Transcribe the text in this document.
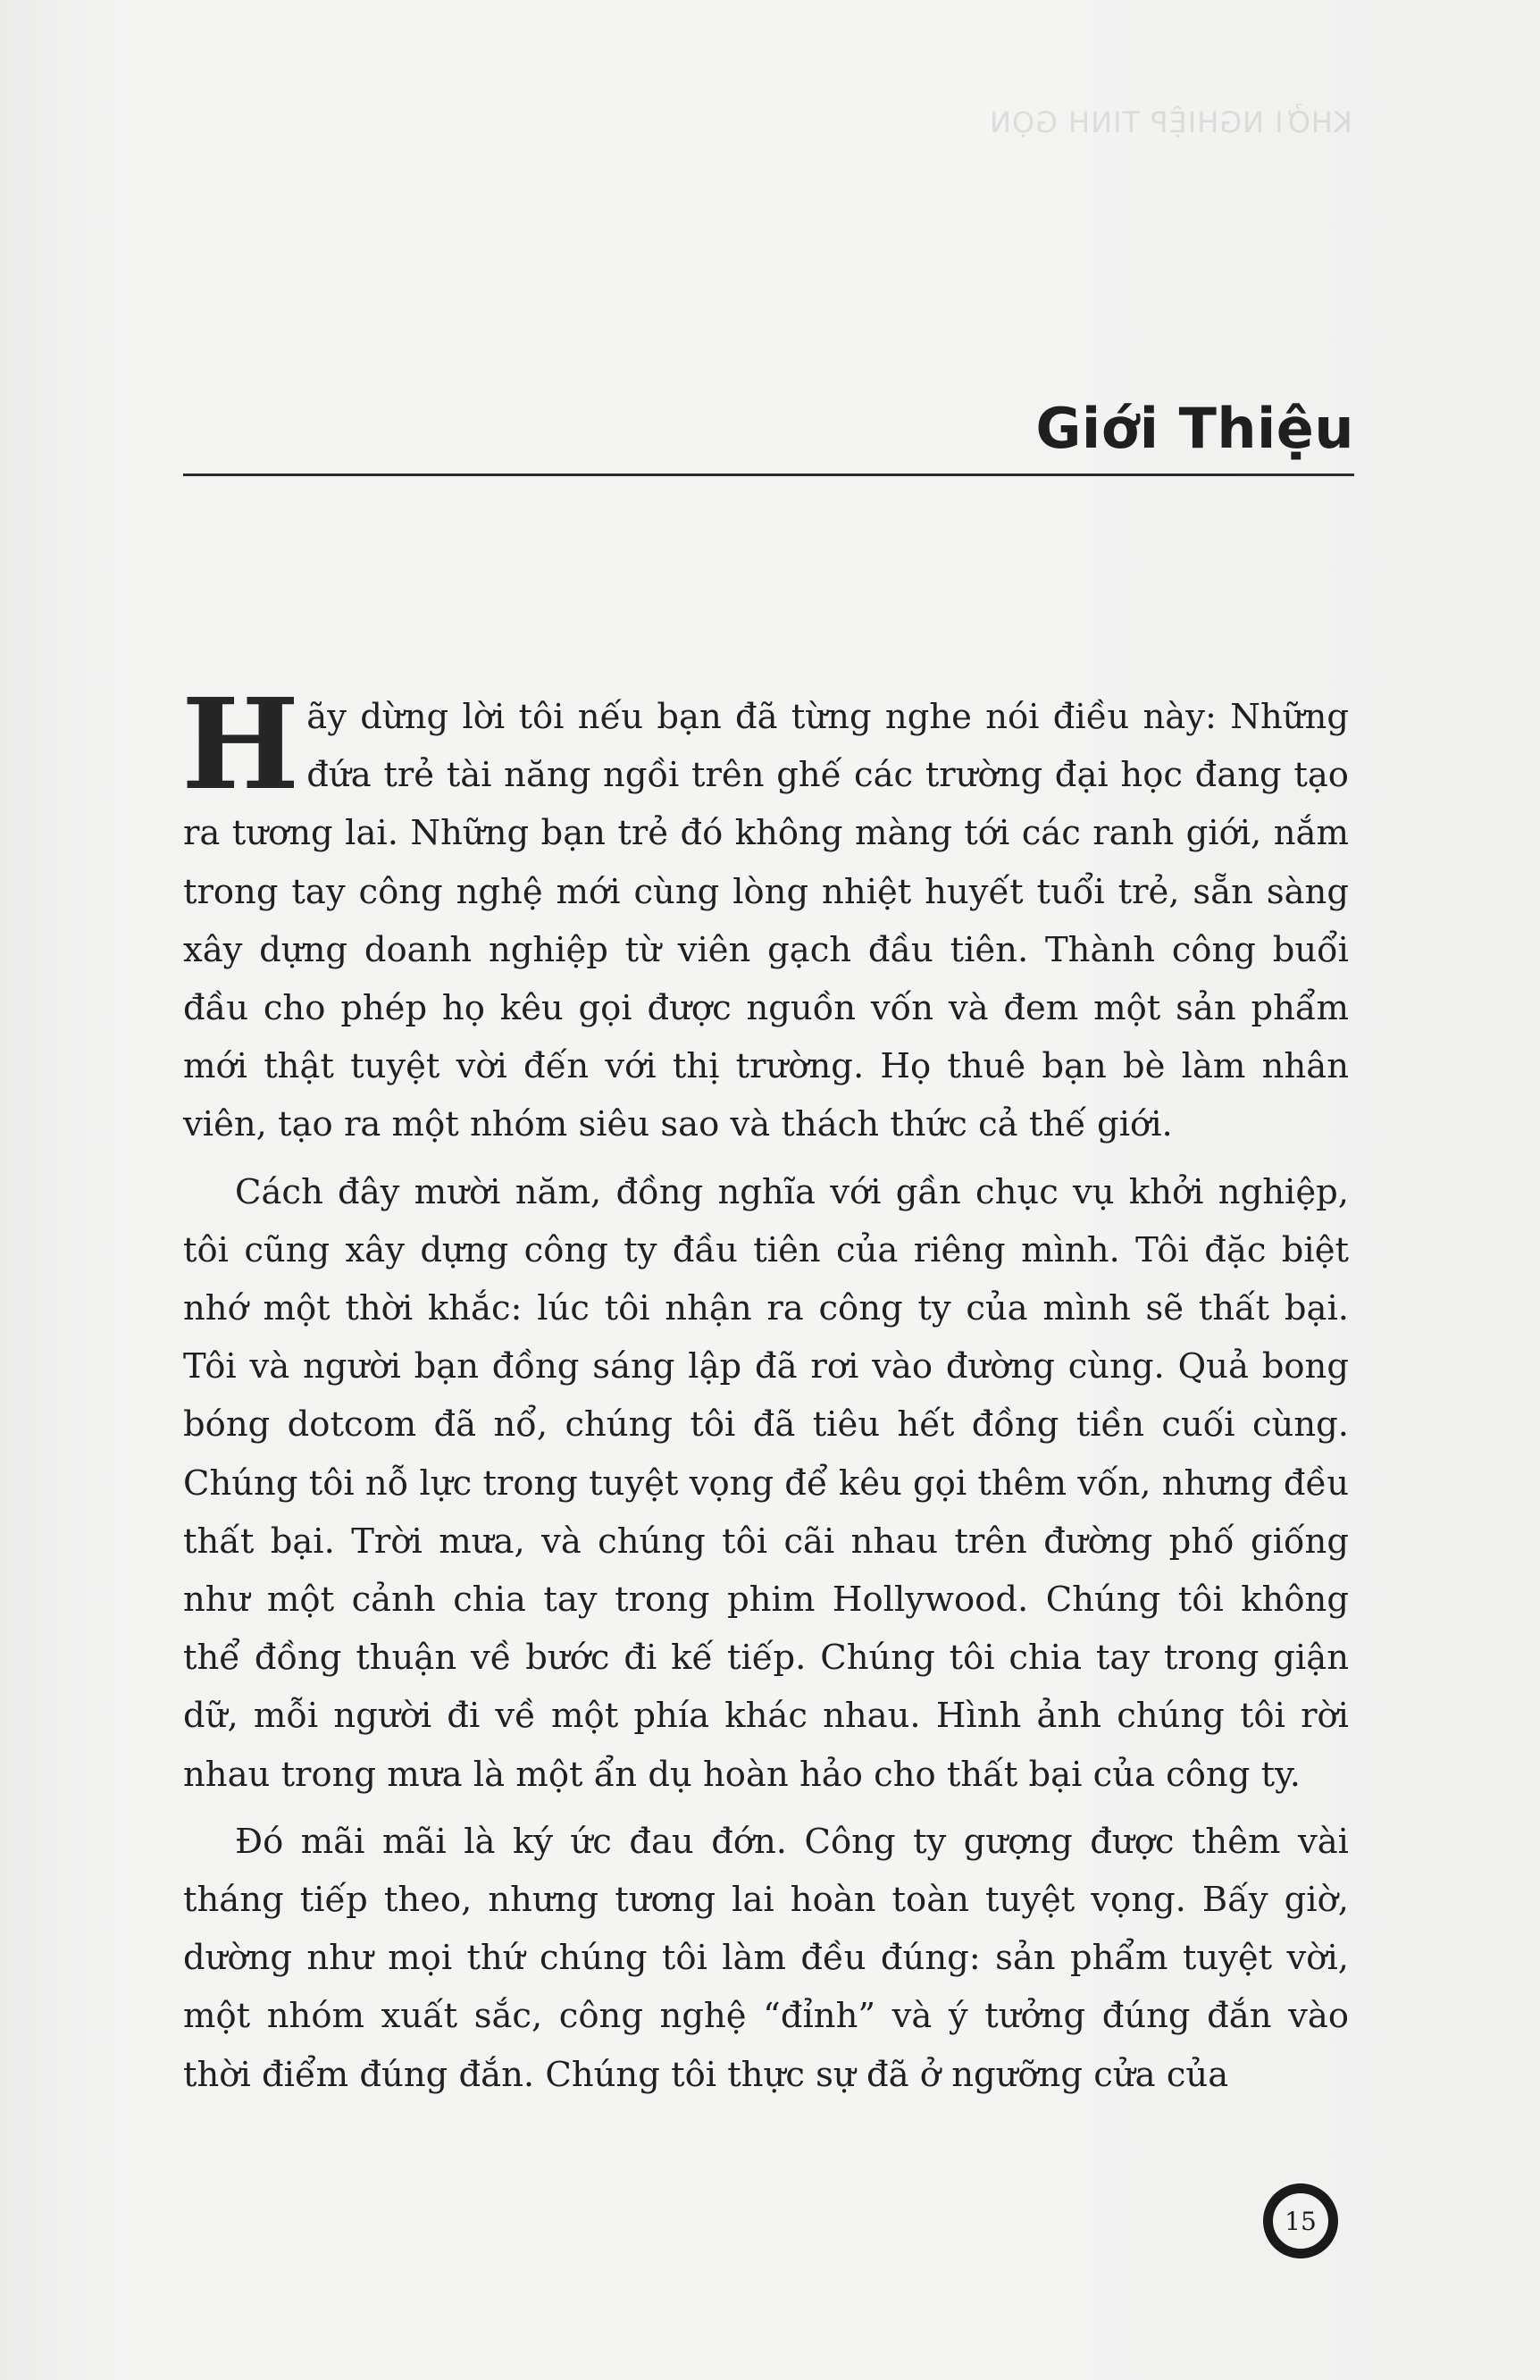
KHỞI NGHIỆP TINH GỌN
Giới Thiệu

Hãy dừng lời tôi nếu bạn đã từng nghe nói điều này: Những đứa trẻ tài năng ngồi trên ghế các trường đại học đang tạo ra tương lai. Những bạn trẻ đó không màng tới các ranh giới, nắm trong tay công nghệ mới cùng lòng nhiệt huyết tuổi trẻ, sẵn sàng xây dựng doanh nghiệp từ viên gạch đầu tiên. Thành công buổi đầu cho phép họ kêu gọi được nguồn vốn và đem một sản phẩm mới thật tuyệt vời đến với thị trường. Họ thuê bạn bè làm nhân viên, tạo ra một nhóm siêu sao và thách thức cả thế giới.

Cách đây mười năm, đồng nghĩa với gần chục vụ khởi nghiệp, tôi cũng xây dựng công ty đầu tiên của riêng mình. Tôi đặc biệt nhớ một thời khắc: lúc tôi nhận ra công ty của mình sẽ thất bại. Tôi và người bạn đồng sáng lập đã rơi vào đường cùng. Quả bong bóng dotcom đã nổ, chúng tôi đã tiêu hết đồng tiền cuối cùng. Chúng tôi nỗ lực trong tuyệt vọng để kêu gọi thêm vốn, nhưng đều thất bại. Trời mưa, và chúng tôi cãi nhau trên đường phố giống như một cảnh chia tay trong phim Hollywood. Chúng tôi không thể đồng thuận về bước đi kế tiếp. Chúng tôi chia tay trong giận dữ, mỗi người đi về một phía khác nhau. Hình ảnh chúng tôi rời nhau trong mưa là một ẩn dụ hoàn hảo cho thất bại của công ty.

Đó mãi mãi là ký ức đau đớn. Công ty gượng được thêm vài tháng tiếp theo, nhưng tương lai hoàn toàn tuyệt vọng. Bấy giờ, dường như mọi thứ chúng tôi làm đều đúng: sản phẩm tuyệt vời, một nhóm xuất sắc, công nghệ “đỉnh” và ý tưởng đúng đắn vào thời điểm đúng đắn. Chúng tôi thực sự đã ở ngưỡng cửa của

15
